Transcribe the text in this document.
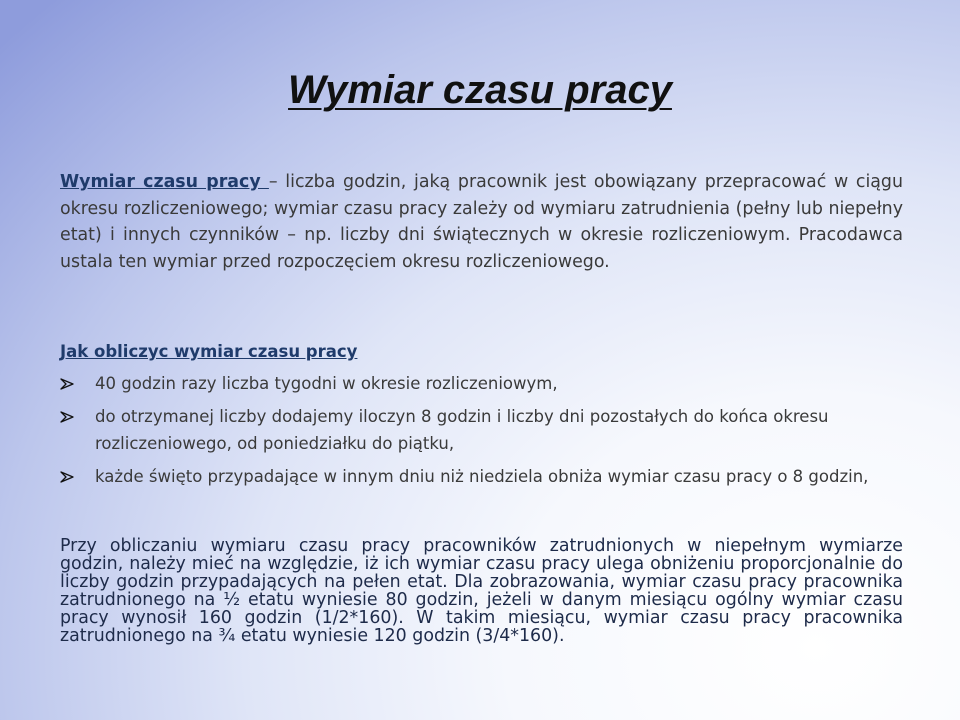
Wymiar czasu pracy

Wymiar czasu pracy – liczba godzin, jaką pracownik jest obowiązany przepracować w ciągu okresu rozliczeniowego; wymiar czasu pracy zależy od wymiaru zatrudnienia (pełny lub niepełny etat) i innych czynników – np. liczby dni świątecznych w okresie rozliczeniowym. Pracodawca ustala ten wymiar przed rozpoczęciem okresu rozliczeniowego.

Jak obliczyc wymiar czasu pracy

40 godzin razy liczba tygodni w okresie rozliczeniowym,
do otrzymanej liczby dodajemy iloczyn 8 godzin i liczby dni pozostałych do końca okresu rozliczeniowego, od poniedziałku do piątku,
każde święto przypadające w innym dniu niż niedziela obniża wymiar czasu pracy o 8 godzin,

Przy obliczaniu wymiaru czasu pracy pracowników zatrudnionych w niepełnym wymiarze godzin, należy mieć na względzie, iż ich wymiar czasu pracy ulega obniżeniu proporcjonalnie do liczby godzin przypadających na pełen etat. Dla zobrazowania, wymiar czasu pracy pracownika zatrudnionego na ½ etatu wyniesie 80 godzin, jeżeli w danym miesiącu ogólny wymiar czasu pracy wynosił 160 godzin (1/2*160). W takim miesiącu, wymiar czasu pracy pracownika zatrudnionego na ¾ etatu wyniesie 120 godzin (3/4*160).
